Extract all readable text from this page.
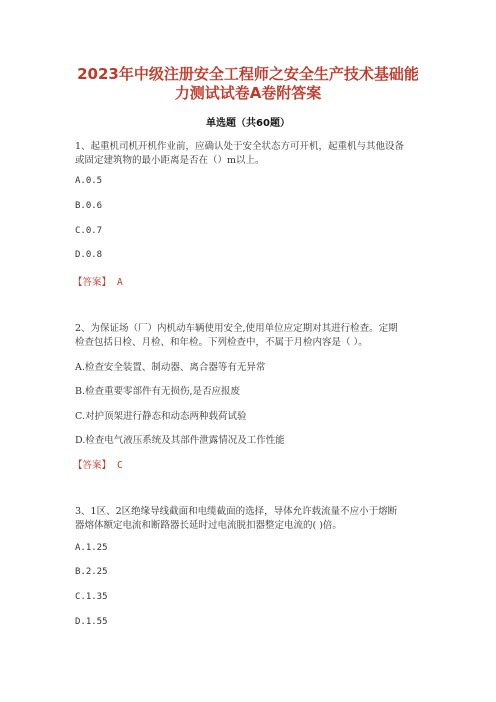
2023年中级注册安全工程师之安全生产技术基础能
力测试试卷A卷附答案
单选题（共60题）
1、起重机司机开机作业前，应确认处于安全状态方可开机，起重机与其他设备
或固定建筑物的最小距离是否在（）m以上。
A.0.5
B.0.6
C.0.7
D.0.8
【答案】 A
2、为保证场（厂）内机动车辆使用安全,使用单位应定期对其进行检查。定期
检查包括日检、月检、和年检。下列检查中，不属于月检内容是（ ）。
A.检查安全装置、制动器、离合器等有无异常
B.检查重要零部件有无损伤,是否应报废
C.对护顶架进行静态和动态两种载荷试验
D.检查电气液压系统及其部件泄露情况及工作性能
【答案】 C
3、1区、2区绝缘导线截面和电缆截面的选择，导体允许载流量不应小于熔断
器熔体额定电流和断路器长延时过电流脱扣器整定电流的( )倍。
A.1.25
B.2.25
C.1.35
D.1.55
